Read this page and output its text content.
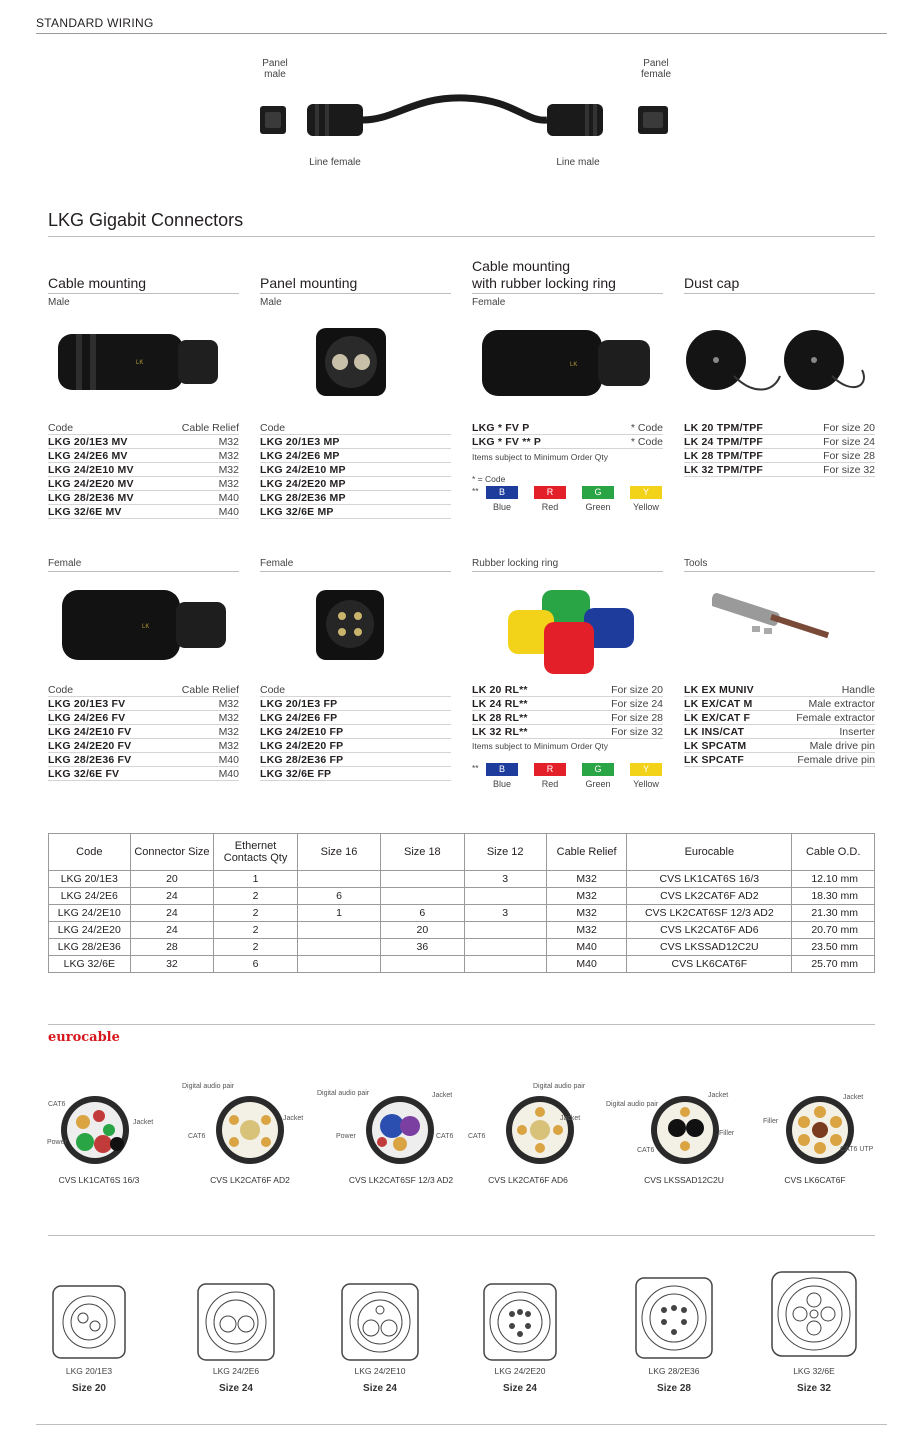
STANDARD WIRING
Panel
male
Panel
female
Line female	Line male
LKG Gigabit Connectors
Cable mounting
Male
Panel mounting
Male
Cable mounting
with rubber locking ring
Female
Dust cap
LK	LK
Code	Cable Relief
LKG 20/1E3 MV	M32
LKG 24/2E6 MV	M32
LKG 24/2E10 MV	M32
LKG 24/2E20 MV	M32
LKG 28/2E36 MV	M40
LKG 32/6E MV	M40
Code
LKG 20/1E3 MP
LKG 24/2E6 MP
LKG 24/2E10 MP
LKG 24/2E20 MP
LKG 28/2E36 MP
LKG 32/6E MP
LKG * FV P	* Code
LKG * FV ** P	* Code
Items subject to Minimum Order Qty
* = Code
**	B
Blue
R
Red
G
Green
Y
Yellow
LK 20 TPM/TPF	For size 20
LK 24 TPM/TPF	For size 24
LK 28 TPM/TPF	For size 28
LK 32 TPM/TPF	For size 32
Female	Female	Rubber locking ring	Tools
LK
Code	Cable Relief
LKG 20/1E3 FV	M32
LKG 24/2E6 FV	M32
LKG 24/2E10 FV	M32
LKG 24/2E20 FV	M32
LKG 28/2E36 FV	M40
LKG 32/6E FV	M40
Code
LKG 20/1E3 FP
LKG 24/2E6 FP
LKG 24/2E10 FP
LKG 24/2E20 FP
LKG 28/2E36 FP
LKG 32/6E FP
LK 20 RL**	For size 20
LK 24 RL**	For size 24
LK 28 RL**	For size 28
LK 32 RL**	For size 32
Items subject to Minimum Order Qty
**	B
Blue
R
Red
G
Green
Y
Yellow
LK EX MUNIV	Handle
LK EX/CAT M	Male extractor
LK EX/CAT F	Female extractor
LK INS/CAT	Inserter
LK SPCATM	Male drive pin
LK SPCATF	Female drive pin
Code	Connector Size	Ethernet Contacts Qty	Size 16	Size 18	Size 12	Cable Relief	Eurocable	Cable O.D.
LKG 20/1E3	20	1			3	M32	CVS LK1CAT6S 16/3	12.10 mm
LKG 24/2E6	24	2	6			M32	CVS LK2CAT6F AD2	18.30 mm
LKG 24/2E10	24	2	1	6	3	M32	CVS LK2CAT6SF 12/3 AD2	21.30 mm
LKG 24/2E20	24	2		20		M32	CVS LK2CAT6F AD6	20.70 mm
LKG 28/2E36	28	2		36		M40	CVS LKSSAD12C2U	23.50 mm
LKG 32/6E	32	6				M40	CVS LK6CAT6F	25.70 mm
eurocable
CAT6
Jacket
Power
Digital audio pair
Jacket
CAT6
Digital audio pair	Jacket
Power	CAT6
Digital audio pair
Jacket
CAT6
Digital audio pair
Jacket
Filler
CAT6
Jacket
Filler
CAT6 UTP
CVS LK1CAT6S 16/3	CVS LK2CAT6F AD2	CVS LK2CAT6SF 12/3 AD2	CVS LK2CAT6F AD6	CVS LKSSAD12C2U	CVS LK6CAT6F
LKG 20/1E3
Size 20
LKG 24/2E6
Size 24
LKG 24/2E10
Size 24
LKG 24/2E20
Size 24
LKG 28/2E36
Size 28
LKG 32/6E
Size 32
